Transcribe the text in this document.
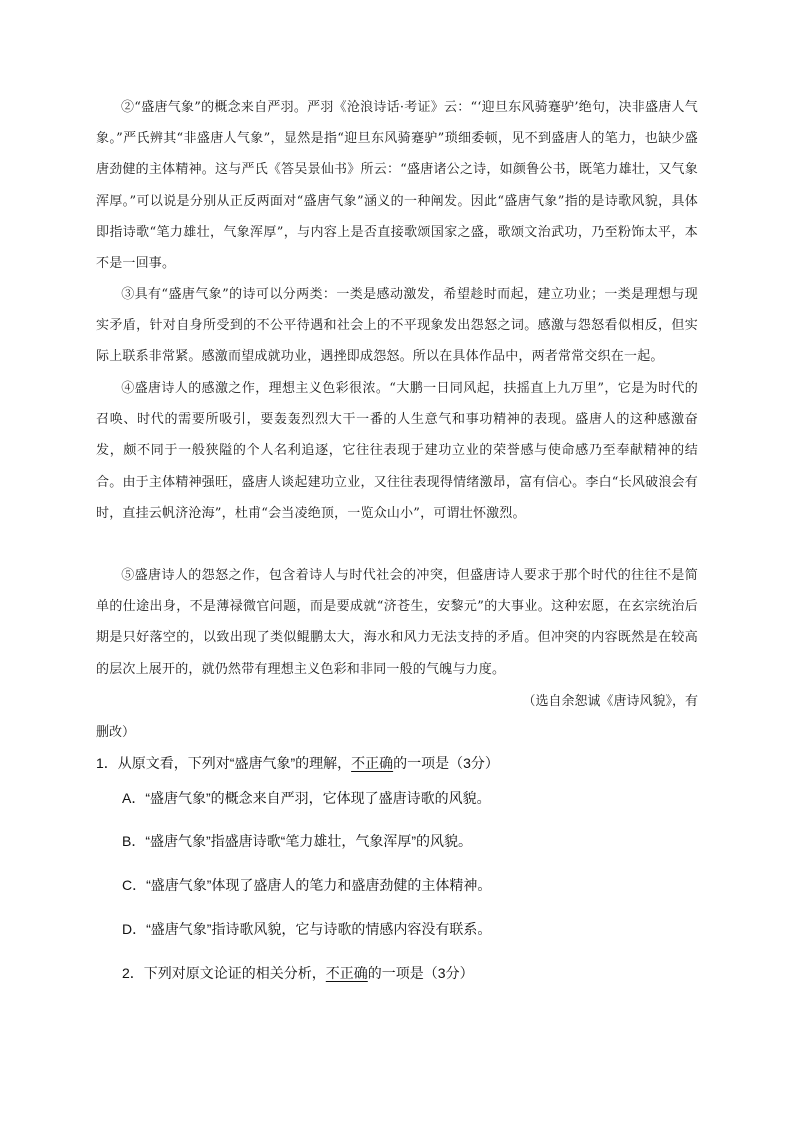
②“盛唐气象”的概念来自严羽。严羽《沧浪诗话·考证》云：“‘迎旦东风骑蹇驴’绝句，决非盛唐人气象。”严氏辨其“非盛唐人气象”，显然是指“迎旦东风骑蹇驴”琐细委顿，见不到盛唐人的笔力，也缺少盛唐劲健的主体精神。这与严氏《答吴景仙书》所云：“盛唐诸公之诗，如颜鲁公书，既笔力雄壮，又气象浑厚。”可以说是分别从正反两面对“盛唐气象”涵义的一种阐发。因此“盛唐气象”指的是诗歌风貌，具体即指诗歌“笔力雄壮，气象浑厚”，与内容上是否直接歌颂国家之盛，歌颂文治武功，乃至粉饰太平，本不是一回事。

③具有“盛唐气象”的诗可以分两类：一类是感动激发，希望趁时而起，建立功业；一类是理想与现实矛盾，针对自身所受到的不公平待遇和社会上的不平现象发出怨怒之词。感激与怨怒看似相反，但实际上联系非常紧。感激而望成就功业，遇挫即成怨怒。所以在具体作品中，两者常常交织在一起。

④盛唐诗人的感激之作，理想主义色彩很浓。“大鹏一日同风起，扶摇直上九万里”，它是为时代的召唤、时代的需要所吸引，要轰轰烈烈大干一番的人生意气和事功精神的表现。盛唐人的这种感激奋发，颇不同于一般狭隘的个人名利追逐，它往往表现于建功立业的荣誉感与使命感乃至奉献精神的结合。由于主体精神强旺，盛唐人谈起建功立业，又往往表现得情绪激昂，富有信心。李白“长风破浪会有时，直挂云帆济沧海”，杜甫“会当凌绝顶，一览众山小”，可谓壮怀激烈。

⑤盛唐诗人的怨怒之作，包含着诗人与时代社会的冲突，但盛唐诗人要求于那个时代的往往不是简单的仕途出身，不是薄禄微官问题，而是要成就“济苍生，安黎元”的大事业。这种宏愿，在玄宗统治后期是只好落空的，以致出现了类似鲲鹏太大，海水和风力无法支持的矛盾。但冲突的内容既然是在较高的层次上展开的，就仍然带有理想主义色彩和非同一般的气魄与力度。

（选自余恕诚《唐诗风貌》，有
删改）

1．从原文看，下列对“盛唐气象”的理解，不正确的一项是（3分）

A．“盛唐气象”的概念来自严羽，它体现了盛唐诗歌的风貌。

B．“盛唐气象”指盛唐诗歌“笔力雄壮，气象浑厚”的风貌。

C．“盛唐气象”体现了盛唐人的笔力和盛唐劲健的主体精神。

D．“盛唐气象”指诗歌风貌，它与诗歌的情感内容没有联系。

2．下列对原文论证的相关分析，不正确的一项是（3分）
